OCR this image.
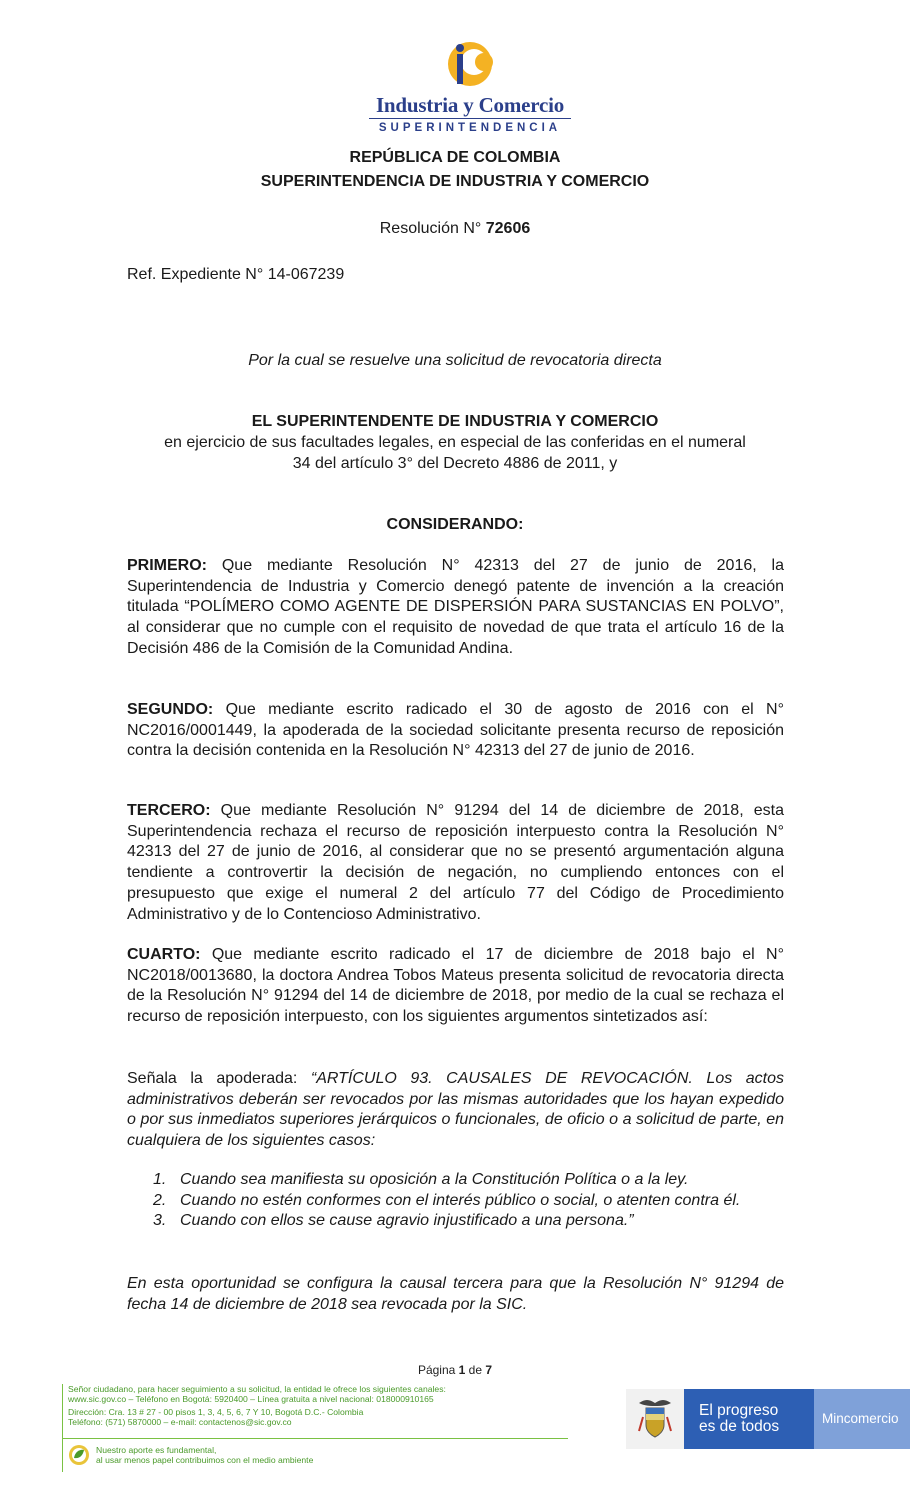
Industria y Comercio
SUPERINTENDENCIA
REPÚBLICA DE COLOMBIA
SUPERINTENDENCIA DE INDUSTRIA Y COMERCIO
Resolución N° 72606
Ref. Expediente N° 14-067239
Por la cual se resuelve una solicitud de revocatoria directa
EL SUPERINTENDENTE DE INDUSTRIA Y COMERCIO
en ejercicio de sus facultades legales, en especial de las conferidas en el numeral
34 del artículo 3° del Decreto 4886 de 2011, y
CONSIDERANDO:

PRIMERO: Que mediante Resolución N° 42313 del 27 de junio de 2016, la Superintendencia de Industria y Comercio denegó patente de invención a la creación titulada “POLÍMERO COMO AGENTE DE DISPERSIÓN PARA SUSTANCIAS EN POLVO”, al considerar que no cumple con el requisito de novedad de que trata el artículo 16 de la Decisión 486 de la Comisión de la Comunidad Andina.

SEGUNDO: Que mediante escrito radicado el 30 de agosto de 2016 con el N° NC2016/0001449, la apoderada de la sociedad solicitante presenta recurso de reposición contra la decisión contenida en la Resolución N° 42313 del 27 de junio de 2016.

TERCERO: Que mediante Resolución N° 91294 del 14 de diciembre de 2018, esta Superintendencia rechaza el recurso de reposición interpuesto contra la Resolución N° 42313 del 27 de junio de 2016, al considerar que no se presentó argumentación alguna tendiente a controvertir la decisión de negación, no cumpliendo entonces con el presupuesto que exige el numeral 2 del artículo 77 del Código de Procedimiento Administrativo y de lo Contencioso Administrativo.

CUARTO: Que mediante escrito radicado el 17 de diciembre de 2018 bajo el N° NC2018/0013680, la doctora Andrea Tobos Mateus presenta solicitud de revocatoria directa de la Resolución N° 91294 del 14 de diciembre de 2018, por medio de la cual se rechaza el recurso de reposición interpuesto, con los siguientes argumentos sintetizados así:

Señala la apoderada: “ARTÍCULO 93. CAUSALES DE REVOCACIÓN. Los actos administrativos deberán ser revocados por las mismas autoridades que los hayan expedido o por sus inmediatos superiores jerárquicos o funcionales, de oficio o a solicitud de parte, en cualquiera de los siguientes casos:

1. Cuando sea manifiesta su oposición a la Constitución Política o a la ley.
2. Cuando no estén conformes con el interés público o social, o atenten contra él.
3. Cuando con ellos se cause agravio injustificado a una persona.”
En esta oportunidad se configura la causal tercera para que la Resolución N° 91294 de fecha 14 de diciembre de 2018 sea revocada por la SIC.
Página 1 de 7
Señor ciudadano, para hacer seguimiento a su solicitud, la entidad le ofrece los siguientes canales:
www.sic.gov.co – Teléfono en Bogotá: 5920400 – Línea gratuita a nivel nacional: 018000910165
Dirección: Cra. 13 # 27 - 00 pisos 1, 3, 4, 5, 6, 7 Y 10, Bogotá D.C.- Colombia
Teléfono: (571) 5870000 – e-mail: contactenos@sic.gov.co
Nuestro aporte es fundamental,
al usar menos papel contribuimos con el medio ambiente
El progreso
es de todos	Mincomercio
